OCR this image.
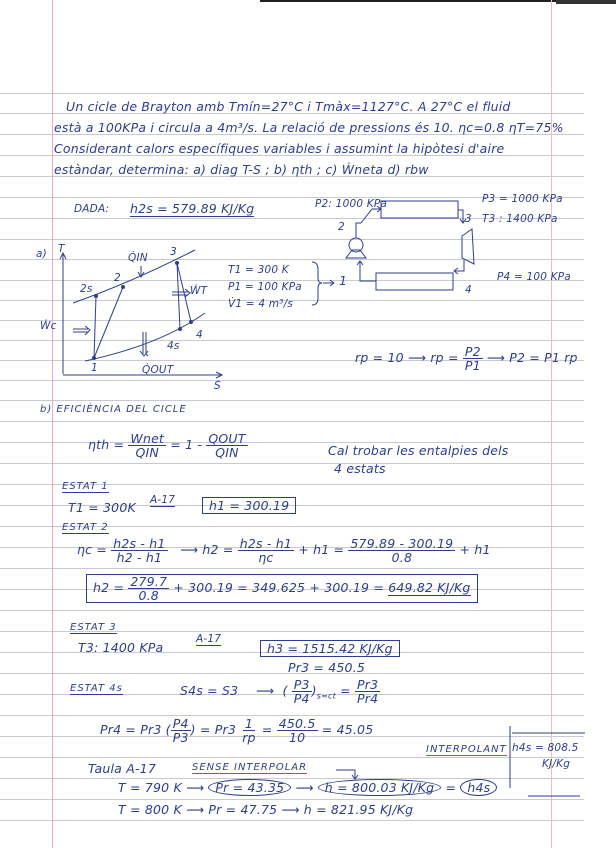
Un cicle de Brayton amb Tmín=27°C i Tmàx=1127°C. A 27°C el fluid
està a 100KPa i circula a 4m³/s. La relació de pressions és 10. ηc=0.8 ηT=75%
Considerant calors específiques variables i assumint la hipòtesi d'aire
estàndar, determina: a) diag T-S ; b) ηth ; c) Ẇneta d) rbw
DADA: h2s = 579.89 KJ/Kg	P2: 1000 KPa	P3 = 1000 KPa
T3 : 1400 KPa
P4 = 100 KPa
2
3
1
4
a) T
S
1
2s
2
3
4s
4
Q̇IN
Q̇OUT
Ẇc
ẆT
T1 = 300 K
P1 = 100 KPa
V̇1 = 4 m³/s
rp = 10 ⟶ rp = $\frac{P2}{P1}$ ⟶ P2 = P1 rp
b) EFICIÈNCIA DEL CICLE
$\eta th = \frac{\text{Wnet}}{\text{QIN}} = 1 - \frac{\text{QOUT}}{\text{QIN}}$	Cal trobar les entalpies dels
4 estats
ESTAT 1
T1 = 300K A-17	h1 = 300.19
ESTAT 2
$\eta c = \frac{h2s - h1}{h2 - h1}$ ⟶ $h2 = \frac{h2s - h1}{\eta c} + h1 = \frac{579.89 - 300.19}{0.8} + h1$
$h2 = \frac{279.7}{0.8} + 300.19 = 349.625 + 300.19 = 649.82$ KJ/Kg
ESTAT 3
T3: 1400 KPa
A-17
h3 = 1515.42 KJ/Kg
Pr3 = 450.5
ESTAT 4s	S4s = S3 ⟶  ( $\frac{P3}{P4} )_{s=ct} = \frac{Pr3}{Pr4}$
Pr4 = Pr3 ( $\frac{P4}{P3}$ ) = $Pr3 \frac{1}{rp} = \frac{450.5}{10} = 45.05$
INTERPOLANT h4s = 808.5
KJ/Kg
Taula A-17	SENSE INTERPOLAR
T = 790 K ⟶ Pr = 43.35 ⟶ h = 800.03 KJ/Kg = h4s
T = 800 K ⟶ Pr = 47.75 ⟶ h = 821.95 KJ/Kg
